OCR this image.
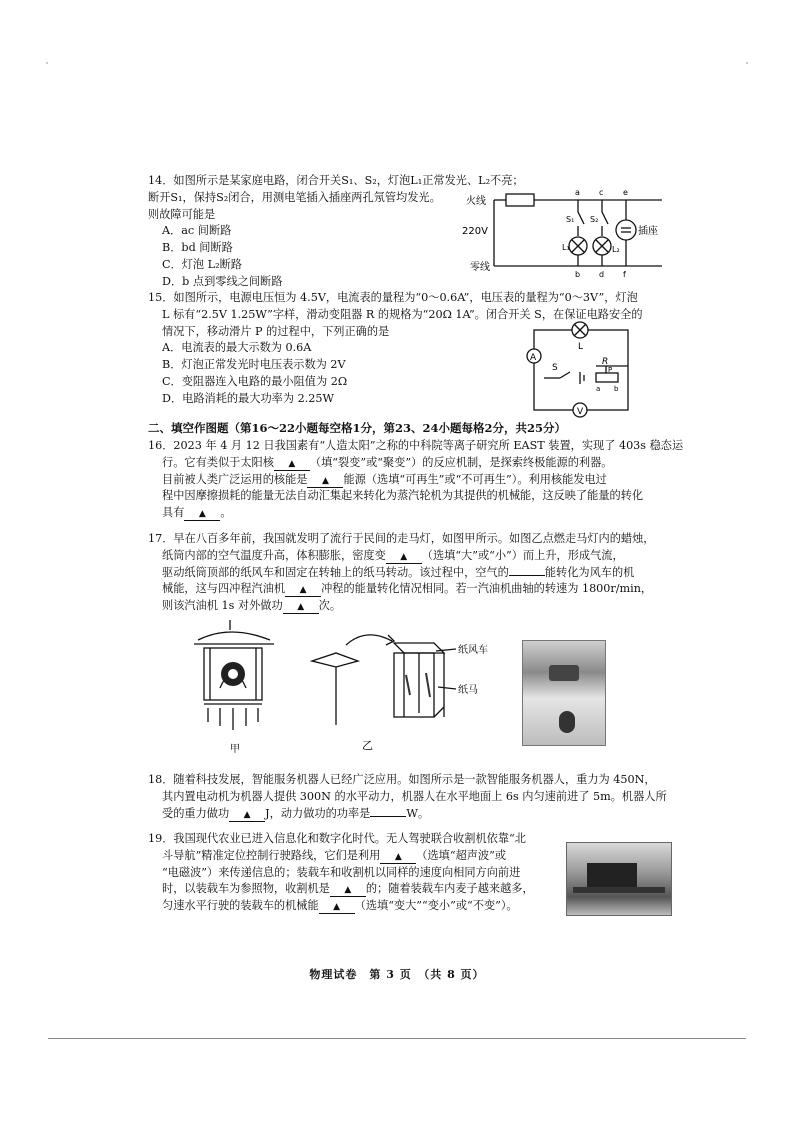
14．如图所示是某家庭电路，闭合开关S₁、S₂，灯泡L₁正常发光、L₂不亮；

断开S₁，保持S₂闭合，用测电笔插入插座两孔氖管均发光。

则故障可能是

A．ac 间断路

B．bd 间断路

C．灯泡 L₂断路

D．b 点到零线之间断路

火线
零线
220V	插座
S₁ S₂
L₁	L₂
a c e
b d f

15．如图所示，电源电压恒为 4.5V，电流表的量程为“0～0.6A”，电压表的量程为“0～3V”，灯泡

L 标有“2.5V 1.25W”字样，滑动变阻器 R 的规格为“20Ω 1A”。闭合开关 S，在保证电路安全的

情况下，移动滑片 P 的过程中，下列正确的是

A．电流表的最大示数为 0.6A

B．灯泡正常发光时电压表示数为 2V

C．变阻器连入电路的最小阻值为 2Ω

D．电路消耗的最大功率为 2.25W

A
V
L
S
R
P
a b
二、填空作图题（第16～22小题每空格1分，第23、24小题每格2分，共25分）

16．2023 年 4 月 12 日我国素有“人造太阳”之称的中科院等离子研究所 EAST 装置，实现了 403s 稳态运

行。它有类似于太阳核 ▲ （填“裂变”或“聚变”）的反应机制，是探索终极能源的利器。

目前被人类广泛运用的核能是 ▲ 能源（选填“可再生”或“不可再生”）。利用核能发电过

程中因摩擦损耗的能量无法自动汇集起来转化为蒸汽轮机为其提供的机械能，这反映了能量的转化

具有 ▲ 。

17．早在八百多年前，我国就发明了流行于民间的走马灯，如图甲所示。如图乙点燃走马灯内的蜡烛，

纸筒内部的空气温度升高，体积膨胀，密度变 ▲ （选填“大”或“小”）而上升，形成气流，

驱动纸筒顶部的纸风车和固定在转轴上的纸马转动。该过程中，空气的	能转化为风车的机

械能，这与四冲程汽油机 ▲ 冲程的能量转化情况相同。若一汽油机曲轴的转速为 1800r/min，

则该汽油机 1s 对外做功 ▲ 次。

甲	乙
纸风车
纸马

18．随着科技发展，智能服务机器人已经广泛应用。如图所示是一款智能服务机器人，重力为 450N，

其内置电动机为机器人提供 300N 的水平动力，机器人在水平地面上 6s 内匀速前进了 5m。机器人所

受的重力做功 ▲ J，动力做功的功率是	W。

19．我国现代农业已进入信息化和数字化时代。无人驾驶联合收割机依靠“北

斗导航”精准定位控制行驶路线，它们是利用 ▲ （选填“超声波”或

“电磁波”）来传递信息的；装载车和收割机以同样的速度向相同方向前进

时，以装载车为参照物，收割机是 ▲ 的；随着装载车内麦子越来越多，

匀速水平行驶的装载车的机械能 ▲ （选填“变大”“变小”或“不变”）。

物理试卷　第 3 页　（共 8 页）
